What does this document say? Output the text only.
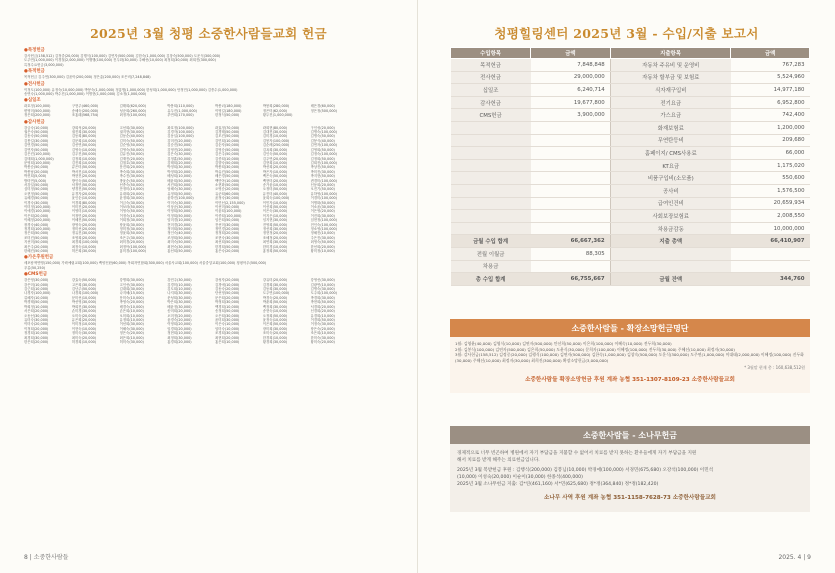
2025년 3월 청평 소중한사람들교회 헌금
●특정헌금
감사헌금(158,512) 김정중(20,000) 김행식(100,000) 김연자(500,000) 김한숙(1,000,000) 김창숙(500,000) 도운식(300,000)
도주연(1,000,000) 이경철(2,000,000) 이행행(100,000) 진두화(30,000) 주해선(10,000) 최정희(30,000) 최희진(300,000)
특정수요헌금(3,000,000)
●목적헌금
목적헌금 김주연(300,000) 김윤아(200,000) 정은총(200,000) 조은비(7,248,848)
●전사헌금
이정도(100,000) 유정숙(10,000,000) 박봉숙(1,000,000) 정흥범(1,000,000) 한성희(1,000,000) 안정민(1,000,000) 김종수(1,000,000)
송연숙(1,000,000) 박수진(1,000,000) 이명현(1,000,000) 김소정(1,000,000)
●십일조
곽호정(100,000)	구현주(460,000)	김태희(620,000)	박봉희(110,000)	박봉녀(180,000)	박봉희(280,000)	배은경(60,000)
변영미(500,000)	송혜숙(200,000)	성준희(260,000)	유두진(1,000,000)	이영길(180,000)	정은미(62,000)	정은정(500,000)
정은희(200,000)	조홍래(568,754)	최정자(100,000)	추연희(170,000)	한정식(50,000)	황두진(1,000,000)
●감사헌금
강금숙(10,000)	강희석(20,000)	고선희(30,000)	곽호정(100,000)	곽효정(70,000)	곽희현(80,000)	구인성(20,000)
권은숙(50,000)	권진희(30,000)	권지현(30,000)	김경자(100,000)	김경태(50,000)	김대진(30,000)	김명숙(100,000)
김동숙(50,000)	김동희(80,000)	김동순(40,000)	김동일(100,000)	김모진(50,000)	김미경(10,000)	김명숙(50,000)
김봉길(30,000)	김문희(10,000)	김미숙(50,000)	김미진(20,000)	김민희(10,000)	김봉자(100,000)	김봉식(40,000)
김연경(50,000)	김선연(50,000)	김순영(50,000)	김순진(50,000)	김순자(50,000)	김순례(250,000)	김연자(100,000)
김연자(50,000)	김영숙(10,000)	김영숙(50,000)	김영진(20,000)	김영순(50,000)	김옥희(30,000)	김영희(50,000)
김은진(100,000)	김우진(50,000)	김유진(50,000)	김은숙(30,000)	김은주(50,000)	김인숙(50,000)	김정숙(100,000)
김태희(1,000,000)	김정희(10,000)	김재진(20,000)	김정훈(50,000)	김종희(10,000)	김주연(20,000)	김정희(50,000)
문영희(100,000)	김진희(10,000)	김철호(30,000)	김태희(20,000)	김향숙(50,000)	김현희(10,000)	김희진(100,000)
박봉순(50,000)	류은미(50,000)	문진희(20,000)	박정희(30,000)	박봉희(30,000)	박선희(20,000)	박상진(50,000)
박봉남(20,000)	박서진(10,000)	박숙희(30,000)	박정희(20,000)	박유진(50,000)	박은자(10,000)	박미진(30,000)
박진희(5,000)	박현진(20,000)	박수진(30,000)	배성희(10,000)	배은경(50,000)	백은숙(50,000)	박지현(50,000)
방미연(5,000)	방인숙(50,000)	방윤순(50,000)	배윤희(50,000)	백민아(10,000)	백현미(20,000)	변경미(100,000)
서강일(50,000)	서정민(50,000)	선종숙(50,000)	서진희(50,000)	소현화(50,000)	송가윤(10,000)	신동희(20,000)
심미정(50,000)	양경진(50,000)	안정미(10,000)	엄혜숙(30,000)	오영순(20,000)	오정미(50,000)	오진기(50,000)
오현정(50,000)	유경자(20,000)	유대희(20,000)	유정희(50,000)	유준희(60,000)	유진미(40,000)	유하영(100,000)
유혜경(50,000)	윤인순(10,000)	윤정희(30,000)	윤하진(100,000)	윤정숙(30,000)	윤희숙(100,000)	이경미(100,000)
이경숙(30,000)	이경희(80,000)	이금숙(30,000)	이미숙(30,000)	이민선(2,155,000)	이민자(10,000)	이명화(50,000)
이미정(100,000)	이미진(20,000)	이보라(50,000)	이상준(30,000)	이선미(50,000)	이선희(50,000)	이소윤(30,000)
이애경(100,000)	이영미(10,000)	이영숙(50,000)	이영희(50,000)	이윤희(100,000)	이은숙(30,000)	이은영(20,000)
이은희(20,000)	이정민(20,000)	이정숙(10,000)	이정희(50,000)	이종희(100,000)	이지은(10,000)	이진희(30,000)
이혜정(200,000)	이혜진(50,000)	이희정(30,000)	임미경(10,000)	임은희(50,000)	임지현(30,000)	임현정(100,000)
장경숙(40,000)	장영숙(20,000)	장윤희(30,000)	전미경(20,000)	전선미(30,000)	전영희(50,000)	전인숙(100,000)
정경희(100,000)	정미선(20,000)	정미정(30,000)	정미희(50,000)	정민경(20,000)	정선희(30,000)	정소영(100,000)
정은희(50,000)	정유진(30,000)	정윤희(50,000)	정인숙(40,000)	정정희(20,000)	정현정(20,000)	정혜진(10,000)
조미진(50,000)	조영희(20,000)	조은주(30,000)	조정희(50,000)	조현숙(30,000)	조혜정(20,000)	주은진(30,000)
지선미(50,000)	최경희(100,000)	최미경(20,000)	최미숙(50,000)	최선희(50,000)	최연희(30,000)	최영숙(50,000)
최은주(20,000)	최정숙(10,000)	최정아(100,000)	최현숙(30,000)	한경희(50,000)	한미경(10,000)	한선희(20,000)
한혜진(50,000)	허은희(30,000)	홍미경(100,000)	홍선희(50,000)	홍은숙(20,000)	홍정희(50,000)	황미정(10,000)
●가온후원헌금
세포탐색연맹(150,000) 가락예림교회(100,000) 백양신탄(60,000) 목회자연합회(300,000) 서울사교회(100,000) 서울중앙교회(100,000) 청평아우(500,000)
푸름(50,250)
●CMS헌금
강은영(30,000)	강효숙(50,000)	강명희(30,000)	강민주(30,000)	강성자(20,000)	강유미(20,000)	강영선(30,000)
강은미(10,000)	고은희(30,000)	고인선(30,000)	김경미(10,000)	김경애(10,000)	김경희(30,000)	김광연(10,000)
김근희(10,000)	김난주(50,000)	김대희(30,000)	김도희(10,000)	김동숙(20,000)	김동희(30,000)	김명숙(30,000)
나경자(100,000)	나경희(100,000)	나지혜(15,000)	나지희(30,000)	단선영(50,000)	도주연(100,000)	도주희(100,000)
류혜자(10,000)	문미선(10,000)	문미숙(10,000)	문성희(30,000)	문은희(20,000)	박경숙(20,000)	박경희(30,000)
박경태(50,000)	박선영(30,000)	박영숙(20,000)	박은희(30,000)	박정희(30,000)	박춘희(50,000)	박현희(50,000)
박희정(10,000)	박희진(30,000)	배경숙(10,000)	배윤정(30,000)	백경희(10,000)	백정희(30,000)	서경희(20,000)
서은희(20,000)	손미경(30,000)	손은희(10,000)	송미희(20,000)	송정희(50,000)	송현숙(10,000)	신경희(20,000)
오동선(30,000)	오미숙(20,000)	오미희(10,000)	오미정(20,000)	오은희(30,000)	오정희(50,000)	유경희(10,000)
유미숙(30,000)	유은희(20,000)	유정희(10,000)	윤경숙(20,000)	윤미희(30,000)	윤정숙(10,000)	이경희(50,000)
이미숙(20,000)	이미정(10,000)	이선희(30,000)	이영희(20,000)	이은숙(10,000)	이은희(50,000)	이정숙(30,000)
이정희(20,000)	이현숙(10,000)	이혜숙(30,000)	임경희(20,000)	임미숙(10,000)	장미희(30,000)	장은숙(20,000)
정경희(10,000)	정미숙(30,000)	정은숙(20,000)	정현희(10,000)	조경희(30,000)	조미숙(20,000)	조은희(10,000)
최경희(30,000)	최미숙(20,000)	최은희(10,000)	최정희(30,000)	최현희(20,000)	한경희(10,000)	한미숙(30,000)
한은희(20,000)	허경희(10,000)	허미숙(30,000)	홍경희(20,000)	홍은희(10,000)	황경희(30,000)	황미숙(20,000)
8 | 소중한사람들
청평힐링센터 2025년 3월 - 수입/지출 보고서
수입항목	금액	지출항목	금액
목적헌금	7,848,848	자동차 주유비 및 운영비	767,283
전사헌금	29,000,000	자동차 할부금 및 보험료	5,524,960
십일조	6,240,714	식자재구입비	14,977,180
감사헌금	19,677,800	전기요금	6,952,800
CMS헌금	3,900,000	가스요금	742,400
		화재보험료	1,200,000
		무연탄등비	209,680
		홈페이지/ CMS사용료	66,000
		KT요금	1,175,020
		비품구입비(소모품)	550,600
		공사비	1,576,500
		급여인건비	20,659,934
		사회보장보험료	2,008,550
		차용금감동	10,000,000
금월 수입 합계	66,667,362	지출 총액	66,410,907
전월 이월금	88,305		
차용금			
총 수입 합계	66,755,667	금월 잔액	344,760
소중한사람들 - 확장소망헌금명단
1월: 김영윤(40,000) 김영식(10,000) 김연자(500,000) 안선희(50,000) 이은희(100,000) 이혜숙(10,000) 전두희(30,000)
2월: 김봉식(100,000) 김연자(500,000) 김은희(50,000) 도윤식(30,000) 문희자(100,000) 이혜정(100,000) 전두희(30,000) 주혜선(10,000) 최정자(30,000)
3월: 감사헌금(158,512) 김정중(20,000) 김행식(100,000) 김연자(500,000) 김한숙(1,000,000) 김창숙(500,000) 도운식(300,000) 도주연(1,000,000) 이대태(2,000,000) 이혜정(100,000) 진두화(30,000) 주해선(10,000) 최정자(30,000) 최희진(300,000) 확장소망헌금(3,000,000)
* 3월말 현재 총 : 160,638,512원
소중한사람들 확장소망헌금 후원 계좌 농협 351-1307-8109-23 소중한사람들교회
소중한사람들 - 소나무헌금
경제적으로 너무 빈곤하여 병원에서 자기 부담금을 지불할 수 없어서 치료를 받지 못하는 환우들에게 자기 부담금을 지원
해서 치료를 받게 해주는 의료헌금입니다.
2025년 3월 복받헌금 후원 : 김행식(200,000) 김봉님(10,000) 박경애(100,000) 서경민(675,680) 오강석(100,000) 이민석
(10,000) 이성숙(20,000) 이순이(30,000) 한종석(400,000)
2025년 3월 소나무헌금 지출: 김*연(461,160) 서*민(625,680) 정*정(364,840) 정*정(182,420)
소나무 사역 후원 계좌 농협 351-1158-7628-73 소중한사람들교회
2025. 4 | 9
